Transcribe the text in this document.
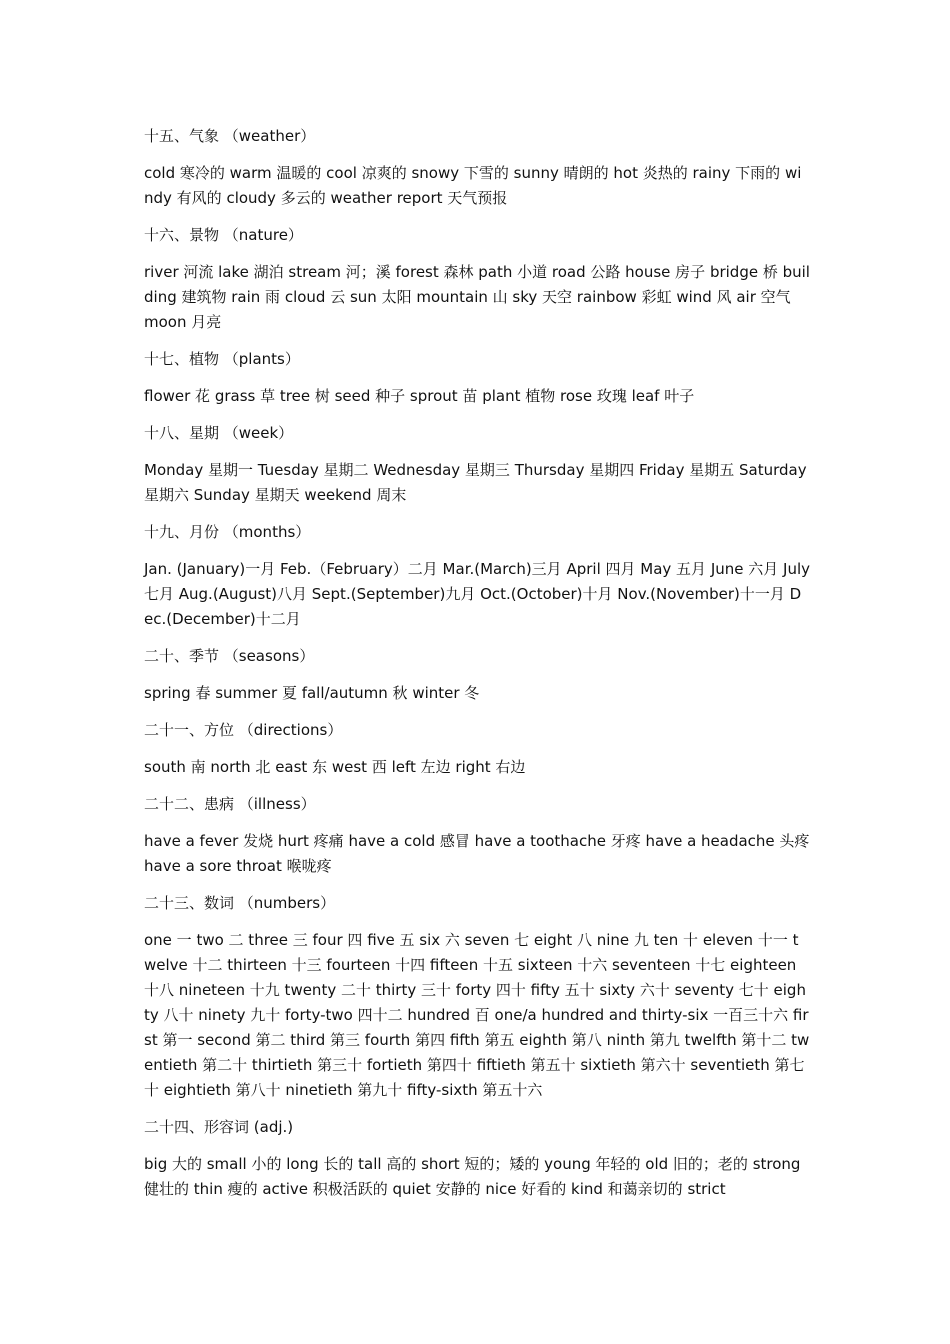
十五、气象 （weather）
cold 寒冷的 warm 温暖的 cool 凉爽的 snowy 下雪的 sunny 晴朗的 hot 炎热的 rainy 下雨的 windy 有风的 cloudy 多云的 weather report 天气预报
十六、景物 （nature）
river 河流 lake 湖泊 stream 河；溪 forest 森林 path 小道 road 公路 house 房子 bridge 桥 building 建筑物 rain 雨 cloud 云 sun 太阳 mountain 山 sky 天空 rainbow 彩虹 wind 风 air 空气 moon 月亮
十七、植物 （plants）
flower 花 grass 草 tree 树 seed 种子 sprout 苗 plant 植物 rose 玫瑰 leaf 叶子
十八、星期 （week）
Monday 星期一 Tuesday 星期二 Wednesday 星期三 Thursday 星期四 Friday 星期五 Saturday 星期六 Sunday 星期天 weekend 周末
十九、月份 （months）
Jan. (January)一月 Feb.（February）二月 Mar.(March)三月 April 四月 May 五月 June 六月 July 七月 Aug.(August)八月 Sept.(September)九月 Oct.(October)十月 Nov.(November)十一月 Dec.(December)十二月
二十、季节 （seasons）
spring 春 summer 夏 fall/autumn 秋 winter 冬
二十一、方位 （directions）
south 南 north 北 east 东 west 西 left 左边 right 右边
二十二、患病 （illness）
have a fever 发烧 hurt 疼痛 have a cold 感冒 have a toothache 牙疼 have a headache 头疼 have a sore throat 喉咙疼
二十三、数词 （numbers）
one 一 two 二 three 三 four 四 five 五 six 六 seven 七 eight 八 nine 九 ten 十 eleven 十一 twelve 十二 thirteen 十三 fourteen 十四 fifteen 十五 sixteen 十六 seventeen 十七 eighteen 十八 nineteen 十九 twenty 二十 thirty 三十 forty 四十 fifty 五十 sixty 六十 seventy 七十 eighty 八十 ninety 九十 forty-two 四十二 hundred 百 one/a hundred and thirty-six 一百三十六 first 第一 second 第二 third 第三 fourth 第四 fifth 第五 eighth 第八 ninth 第九 twelfth 第十二 twentieth 第二十 thirtieth 第三十 fortieth 第四十 fiftieth 第五十 sixtieth 第六十 seventieth 第七十 eightieth 第八十 ninetieth 第九十 fifty-sixth 第五十六
二十四、形容词 (adj.)
big 大的 small 小的 long 长的 tall 高的 short 短的；矮的 young 年轻的 old 旧的；老的 strong 健壮的 thin 瘦的 active 积极活跃的 quiet 安静的 nice 好看的 kind 和蔼亲切的 strict
